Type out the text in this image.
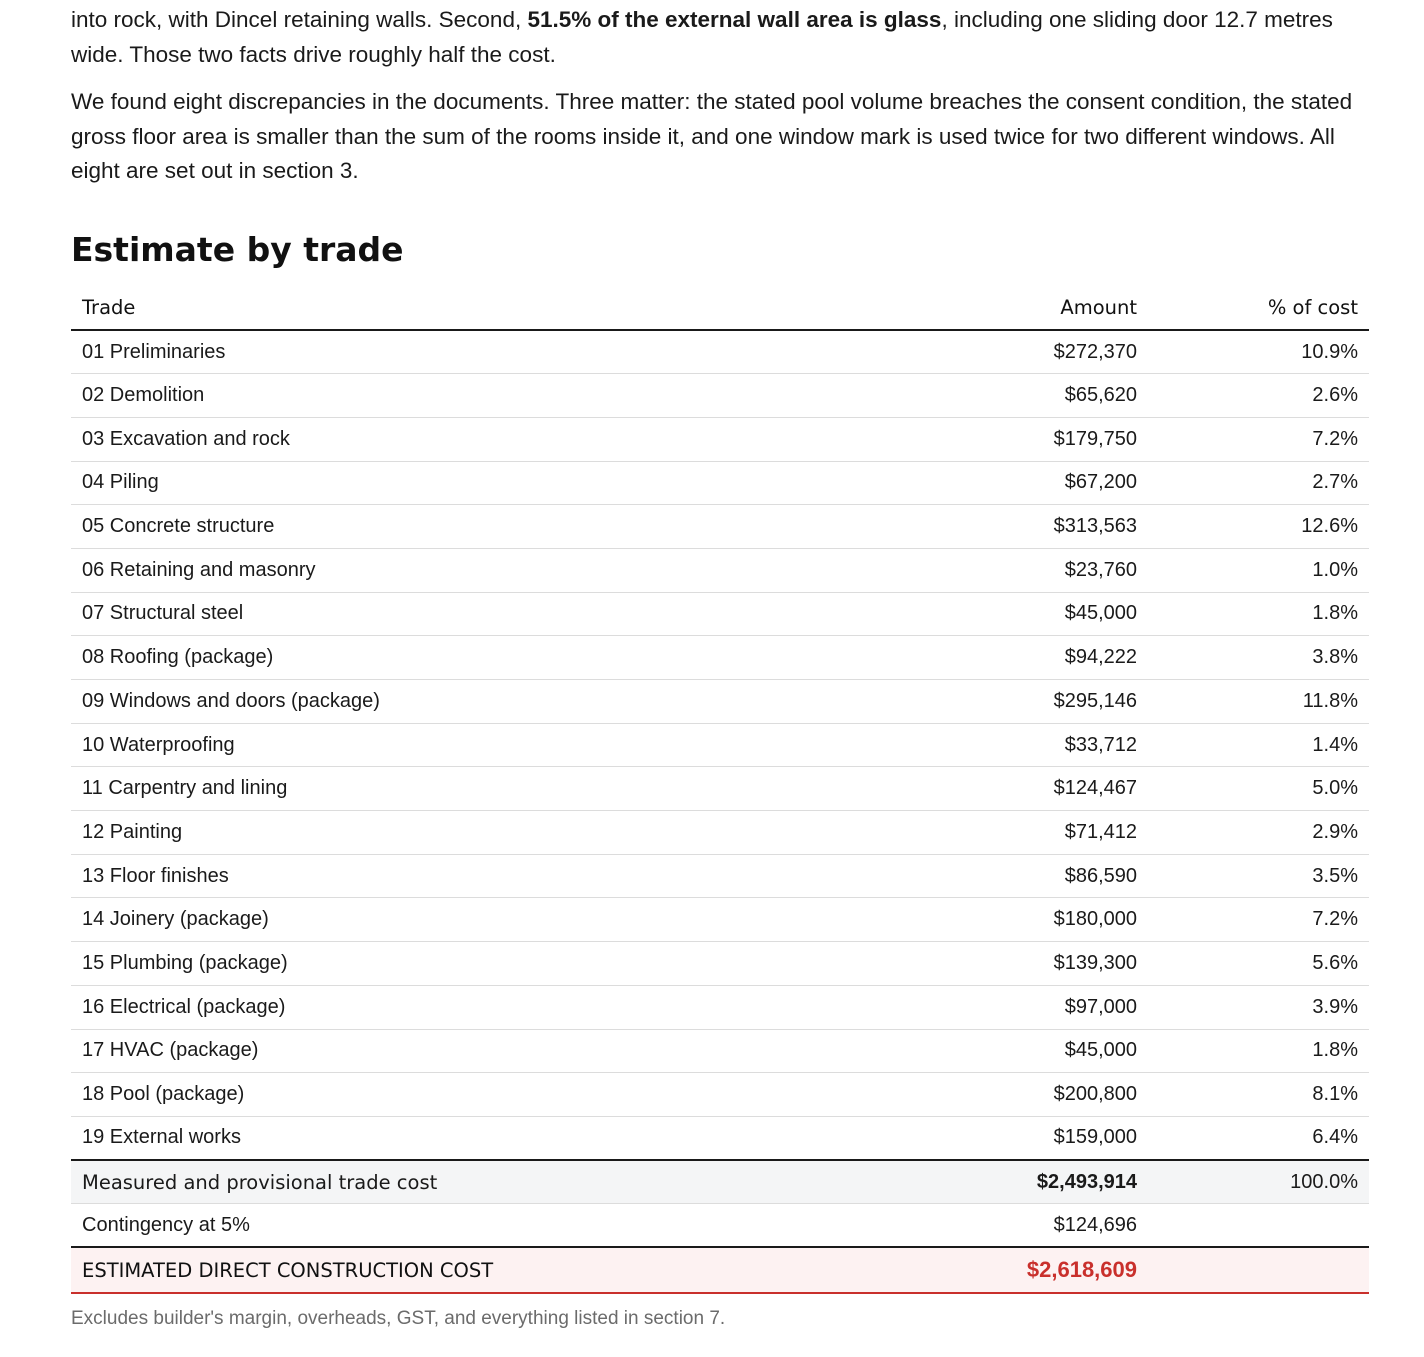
into rock, with Dincel retaining walls. Second, 51.5% of the external wall area is glass, including one sliding door 12.7 metres wide. Those two facts drive roughly half the cost.

We found eight discrepancies in the documents. Three matter: the stated pool volume breaches the consent condition, the stated gross floor area is smaller than the sum of the rooms inside it, and one window mark is used twice for two different windows. All eight are set out in section 3.

Estimate by trade
Trade	Amount	% of cost
01 Preliminaries	$272,370	10.9%
02 Demolition	$65,620	2.6%
03 Excavation and rock	$179,750	7.2%
04 Piling	$67,200	2.7%
05 Concrete structure	$313,563	12.6%
06 Retaining and masonry	$23,760	1.0%
07 Structural steel	$45,000	1.8%
08 Roofing (package)	$94,222	3.8%
09 Windows and doors (package)	$295,146	11.8%
10 Waterproofing	$33,712	1.4%
11 Carpentry and lining	$124,467	5.0%
12 Painting	$71,412	2.9%
13 Floor finishes	$86,590	3.5%
14 Joinery (package)	$180,000	7.2%
15 Plumbing (package)	$139,300	5.6%
16 Electrical (package)	$97,000	3.9%
17 HVAC (package)	$45,000	1.8%
18 Pool (package)	$200,800	8.1%
19 External works	$159,000	6.4%
Measured and provisional trade cost	$2,493,914	100.0%
Contingency at 5%	$124,696	
ESTIMATED DIRECT CONSTRUCTION COST	$2,618,609	

Excludes builder's margin, overheads, GST, and everything listed in section 7.
